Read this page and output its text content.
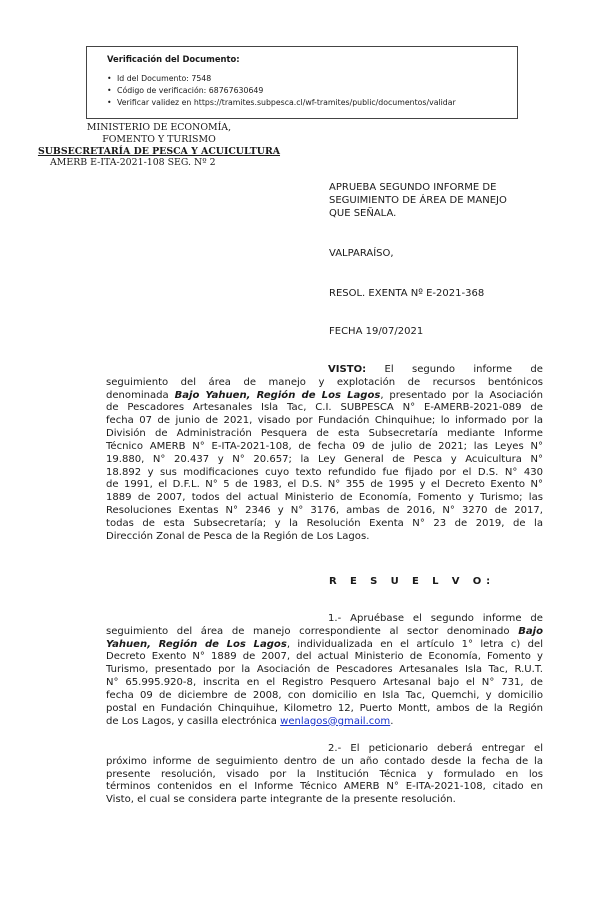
Verificación del Documento:

• Id del Documento: 7548
• Código de verificación: 68767630649
• Verificar validez en https://tramites.subpesca.cl/wf-tramites/public/documentos/validar
MINISTERIO DE ECONOMÍA,
FOMENTO Y TURISMO
SUBSECRETARÍA DE PESCA Y ACUICULTURA
AMERB E-ITA-2021-108 SEG. Nº 2
APRUEBA SEGUNDO INFORME DE
SEGUIMIENTO DE ÁREA DE MANEJO
QUE SEÑALA.
VALPARAÍSO,
RESOL. EXENTA Nº E-2021-368
FECHA 19/07/2021
VISTO: El segundo informe de
seguimiento del área de manejo y explotación de recursos bentónicos
denominada Bajo Yahuen, Región de Los Lagos, presentado por la Asociación
de Pescadores Artesanales Isla Tac, C.I. SUBPESCA N° E-AMERB-2021-089 de
fecha 07 de junio de 2021, visado por Fundación Chinquihue; lo informado por la
División de Administración Pesquera de esta Subsecretaría mediante Informe
Técnico AMERB N° E-ITA-2021-108, de fecha 09 de julio de 2021; las Leyes N°
19.880, N° 20.437 y N° 20.657; la Ley General de Pesca y Acuicultura N°
18.892 y sus modificaciones cuyo texto refundido fue fijado por el D.S. N° 430
de 1991, el D.F.L. N° 5 de 1983, el D.S. N° 355 de 1995 y el Decreto Exento N°
1889 de 2007, todos del actual Ministerio de Economía, Fomento y Turismo; las
Resoluciones Exentas N° 2346 y N° 3176, ambas de 2016, N° 3270 de 2017,
todas de esta Subsecretaría; y la Resolución Exenta N° 23 de 2019, de la
Dirección Zonal de Pesca de la Región de Los Lagos.
R E S U E L V O:
1.- Apruébase el segundo informe de
seguimiento del área de manejo correspondiente al sector denominado Bajo
Yahuen, Región de Los Lagos, individualizada en el artículo 1° letra c) del
Decreto Exento N° 1889 de 2007, del actual Ministerio de Economía, Fomento y
Turismo, presentado por la Asociación de Pescadores Artesanales Isla Tac, R.U.T.
N° 65.995.920-8, inscrita en el Registro Pesquero Artesanal bajo el N° 731, de
fecha 09 de diciembre de 2008, con domicilio en Isla Tac, Quemchi, y domicilio
postal en Fundación Chinquihue, Kilometro 12, Puerto Montt, ambos de la Región
de Los Lagos, y casilla electrónica wenlagos@gmail.com.
2.- El peticionario deberá entregar el
próximo informe de seguimiento dentro de un año contado desde la fecha de la
presente resolución, visado por la Institución Técnica y formulado en los
términos contenidos en el Informe Técnico AMERB N° E-ITA-2021-108, citado en
Visto, el cual se considera parte integrante de la presente resolución.
